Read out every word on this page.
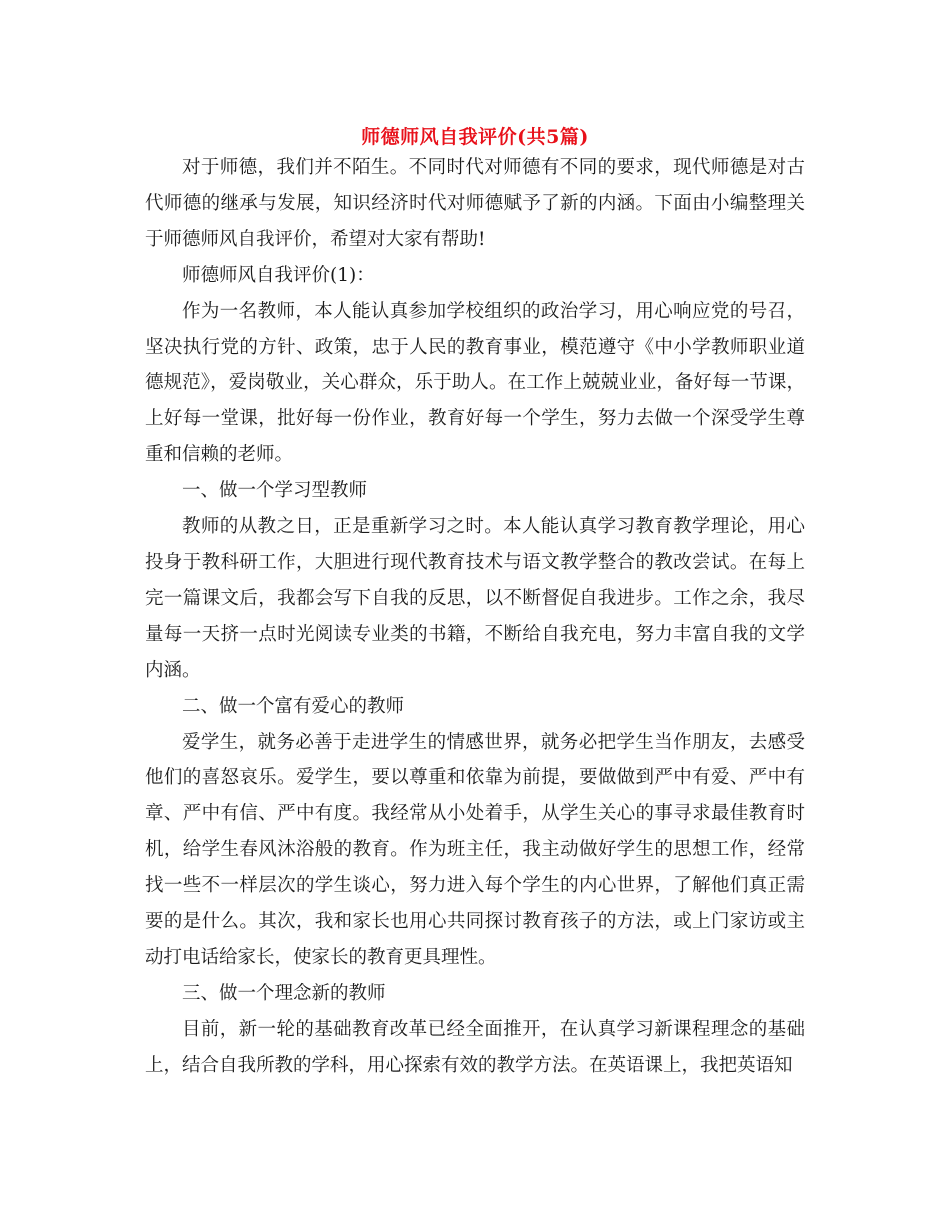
师德师风自我评价(共5篇)

对于师德，我们并不陌生。不同时代对师德有不同的要求，现代师德是对古代师德的继承与发展，知识经济时代对师德赋予了新的内涵。下面由小编整理关于师德师风自我评价，希望对大家有帮助!

师德师风自我评价(1)：

作为一名教师，本人能认真参加学校组织的政治学习，用心响应党的号召，坚决执行党的方针、政策，忠于人民的教育事业，模范遵守《中小学教师职业道德规范》，爱岗敬业，关心群众，乐于助人。在工作上兢兢业业，备好每一节课，上好每一堂课，批好每一份作业，教育好每一个学生，努力去做一个深受学生尊重和信赖的老师。

一、做一个学习型教师

教师的从教之日，正是重新学习之时。本人能认真学习教育教学理论，用心投身于教科研工作，大胆进行现代教育技术与语文教学整合的教改尝试。在每上完一篇课文后，我都会写下自我的反思，以不断督促自我进步。工作之余，我尽量每一天挤一点时光阅读专业类的书籍，不断给自我充电，努力丰富自我的文学内涵。

二、做一个富有爱心的教师

爱学生，就务必善于走进学生的情感世界，就务必把学生当作朋友，去感受他们的喜怒哀乐。爱学生，要以尊重和依靠为前提，要做做到严中有爱、严中有章、严中有信、严中有度。我经常从小处着手，从学生关心的事寻求最佳教育时机，给学生春风沐浴般的教育。作为班主任，我主动做好学生的思想工作，经常找一些不一样层次的学生谈心，努力进入每个学生的内心世界，了解他们真正需要的是什么。其次，我和家长也用心共同探讨教育孩子的方法，或上门家访或主动打电话给家长，使家长的教育更具理性。

三、做一个理念新的教师

目前，新一轮的基础教育改革已经全面推开，在认真学习新课程理念的基础上，结合自我所教的学科，用心探索有效的教学方法。在英语课上，我把英语知
